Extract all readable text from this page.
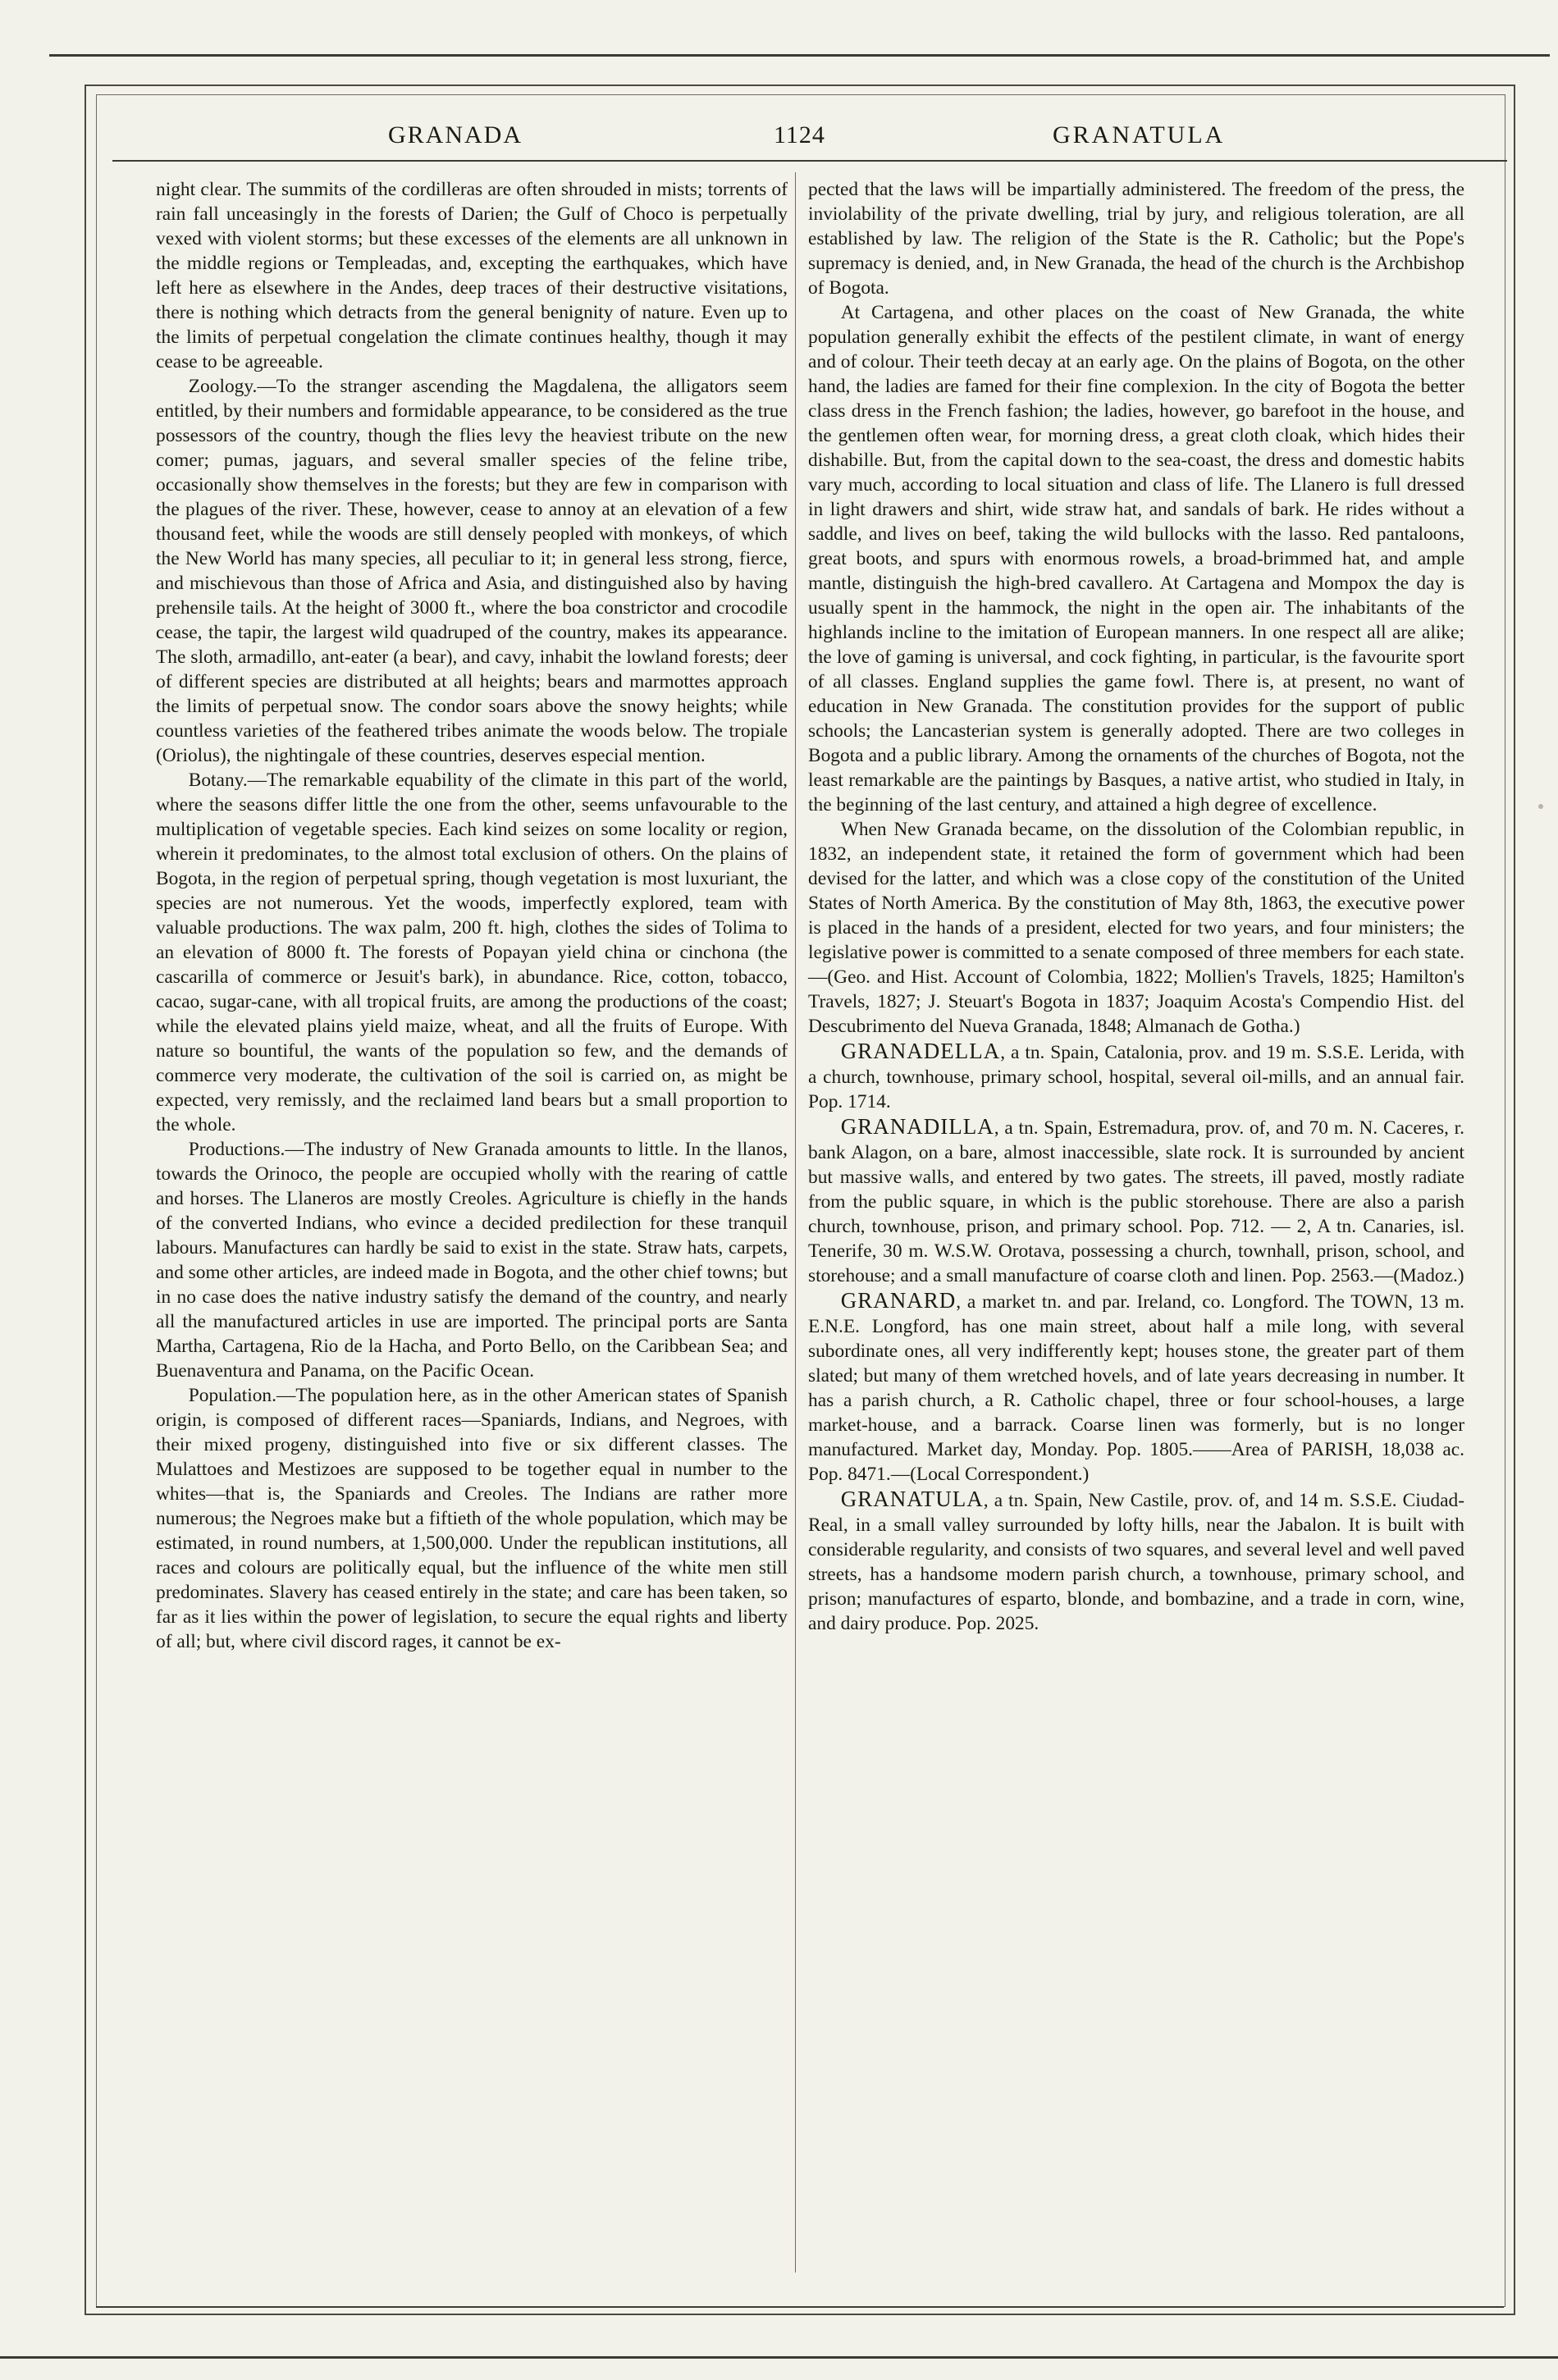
GRANADA	1124	GRANATULA

night clear. The summits of the cordilleras are often shrouded in mists; torrents of rain fall unceasingly in the forests of Darien; the Gulf of Choco is perpetually vexed with violent storms; but these excesses of the elements are all unknown in the middle regions or Templeadas, and, excepting the earthquakes, which have left here as elsewhere in the Andes, deep traces of their destructive visitations, there is nothing which detracts from the general benignity of nature. Even up to the limits of perpetual congelation the climate continues healthy, though it may cease to be agreeable.

Zoology.—To the stranger ascending the Magdalena, the alligators seem entitled, by their numbers and formidable appearance, to be considered as the true possessors of the country, though the flies levy the heaviest tribute on the new comer; pumas, jaguars, and several smaller species of the feline tribe, occasionally show themselves in the forests; but they are few in comparison with the plagues of the river. These, however, cease to annoy at an elevation of a few thousand feet, while the woods are still densely peopled with monkeys, of which the New World has many species, all peculiar to it; in general less strong, fierce, and mischievous than those of Africa and Asia, and distinguished also by having prehensile tails. At the height of 3000 ft., where the boa constrictor and crocodile cease, the tapir, the largest wild quadruped of the country, makes its appearance. The sloth, armadillo, ant-eater (a bear), and cavy, inhabit the lowland forests; deer of different species are distributed at all heights; bears and marmottes approach the limits of perpetual snow. The condor soars above the snowy heights; while countless varieties of the feathered tribes animate the woods below. The tropiale (Oriolus), the nightingale of these countries, deserves especial mention.

Botany.—The remarkable equability of the climate in this part of the world, where the seasons differ little the one from the other, seems unfavourable to the multiplication of vegetable species. Each kind seizes on some locality or region, wherein it predominates, to the almost total exclusion of others. On the plains of Bogota, in the region of perpetual spring, though vegetation is most luxuriant, the species are not numerous. Yet the woods, imperfectly explored, team with valuable productions. The wax palm, 200 ft. high, clothes the sides of Tolima to an elevation of 8000 ft. The forests of Popayan yield china or cinchona (the cascarilla of commerce or Jesuit's bark), in abundance. Rice, cotton, tobacco, cacao, sugar-cane, with all tropical fruits, are among the productions of the coast; while the elevated plains yield maize, wheat, and all the fruits of Europe. With nature so bountiful, the wants of the population so few, and the demands of commerce very moderate, the cultivation of the soil is carried on, as might be expected, very remissly, and the reclaimed land bears but a small proportion to the whole.

Productions.—The industry of New Granada amounts to little. In the llanos, towards the Orinoco, the people are occupied wholly with the rearing of cattle and horses. The Llaneros are mostly Creoles. Agriculture is chiefly in the hands of the converted Indians, who evince a decided predilection for these tranquil labours. Manufactures can hardly be said to exist in the state. Straw hats, carpets, and some other articles, are indeed made in Bogota, and the other chief towns; but in no case does the native industry satisfy the demand of the country, and nearly all the manufactured articles in use are imported. The principal ports are Santa Martha, Cartagena, Rio de la Hacha, and Porto Bello, on the Caribbean Sea; and Buenaventura and Panama, on the Pacific Ocean.

Population.—The population here, as in the other American states of Spanish origin, is composed of different races—Spaniards, Indians, and Negroes, with their mixed progeny, distinguished into five or six different classes. The Mulattoes and Mestizoes are supposed to be together equal in number to the whites—that is, the Spaniards and Creoles. The Indians are rather more numerous; the Negroes make but a fiftieth of the whole population, which may be estimated, in round numbers, at 1,500,000. Under the republican institutions, all races and colours are politically equal, but the influence of the white men still predominates. Slavery has ceased entirely in the state; and care has been taken, so far as it lies within the power of legislation, to secure the equal rights and liberty of all; but, where civil discord rages, it cannot be ex-

pected that the laws will be impartially administered. The freedom of the press, the inviolability of the private dwelling, trial by jury, and religious toleration, are all established by law. The religion of the State is the R. Catholic; but the Pope's supremacy is denied, and, in New Granada, the head of the church is the Archbishop of Bogota.

At Cartagena, and other places on the coast of New Granada, the white population generally exhibit the effects of the pestilent climate, in want of energy and of colour. Their teeth decay at an early age. On the plains of Bogota, on the other hand, the ladies are famed for their fine complexion. In the city of Bogota the better class dress in the French fashion; the ladies, however, go barefoot in the house, and the gentlemen often wear, for morning dress, a great cloth cloak, which hides their dishabille. But, from the capital down to the sea-coast, the dress and domestic habits vary much, according to local situation and class of life. The Llanero is full dressed in light drawers and shirt, wide straw hat, and sandals of bark. He rides without a saddle, and lives on beef, taking the wild bullocks with the lasso. Red pantaloons, great boots, and spurs with enormous rowels, a broad-brimmed hat, and ample mantle, distinguish the high-bred cavallero. At Cartagena and Mompox the day is usually spent in the hammock, the night in the open air. The inhabitants of the highlands incline to the imitation of European manners. In one respect all are alike; the love of gaming is universal, and cock fighting, in particular, is the favourite sport of all classes. England supplies the game fowl. There is, at present, no want of education in New Granada. The constitution provides for the support of public schools; the Lancasterian system is generally adopted. There are two colleges in Bogota and a public library. Among the ornaments of the churches of Bogota, not the least remarkable are the paintings by Basques, a native artist, who studied in Italy, in the beginning of the last century, and attained a high degree of excellence.

When New Granada became, on the dissolution of the Colombian republic, in 1832, an independent state, it retained the form of government which had been devised for the latter, and which was a close copy of the constitution of the United States of North America. By the constitution of May 8th, 1863, the executive power is placed in the hands of a president, elected for two years, and four ministers; the legislative power is committed to a senate composed of three members for each state.—(Geo. and Hist. Account of Colombia, 1822; Mollien's Travels, 1825; Hamilton's Travels, 1827; J. Steuart's Bogota in 1837; Joaquim Acosta's Compendio Hist. del Descubrimento del Nueva Granada, 1848; Almanach de Gotha.)

GRANADELLA, a tn. Spain, Catalonia, prov. and 19 m. S.S.E. Lerida, with a church, townhouse, primary school, hospital, several oil-mills, and an annual fair. Pop. 1714.

GRANADILLA, a tn. Spain, Estremadura, prov. of, and 70 m. N. Caceres, r. bank Alagon, on a bare, almost inaccessible, slate rock. It is surrounded by ancient but massive walls, and entered by two gates. The streets, ill paved, mostly radiate from the public square, in which is the public storehouse. There are also a parish church, townhouse, prison, and primary school. Pop. 712. — 2, A tn. Canaries, isl. Tenerife, 30 m. W.S.W. Orotava, possessing a church, townhall, prison, school, and storehouse; and a small manufacture of coarse cloth and linen. Pop. 2563.—(Madoz.)

GRANARD, a market tn. and par. Ireland, co. Longford. The TOWN, 13 m. E.N.E. Longford, has one main street, about half a mile long, with several subordinate ones, all very indifferently kept; houses stone, the greater part of them slated; but many of them wretched hovels, and of late years decreasing in number. It has a parish church, a R. Catholic chapel, three or four school-houses, a large market-house, and a barrack. Coarse linen was formerly, but is no longer manufactured. Market day, Monday. Pop. 1805.——Area of PARISH, 18,038 ac. Pop. 8471.—(Local Correspondent.)

GRANATULA, a tn. Spain, New Castile, prov. of, and 14 m. S.S.E. Ciudad-Real, in a small valley surrounded by lofty hills, near the Jabalon. It is built with considerable regularity, and consists of two squares, and several level and well paved streets, has a handsome modern parish church, a townhouse, primary school, and prison; manufactures of esparto, blonde, and bombazine, and a trade in corn, wine, and dairy produce. Pop. 2025.
